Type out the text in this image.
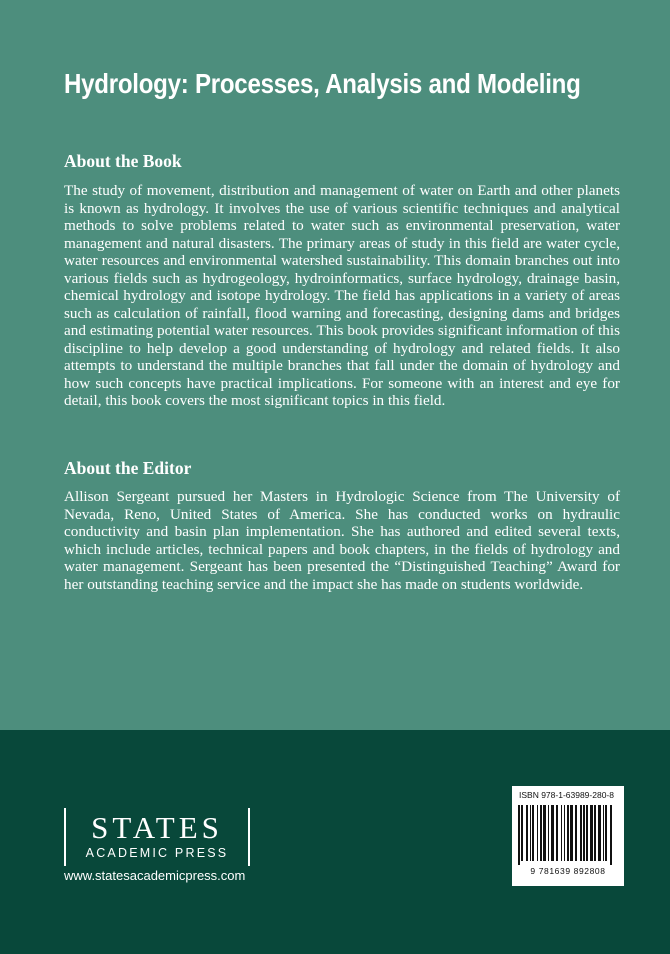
Hydrology: Processes, Analysis and Modeling
About the Book

The study of movement, distribution and management of water on Earth and other planets is known as hydrology. It involves the use of various scientific techniques and analytical methods to solve problems related to water such as environmental preservation, water management and natural disasters. The primary areas of study in this field are water cycle, water resources and environmental watershed sustainability. This domain branches out into various fields such as hydrogeology, hydroinformatics, surface hydrology, drainage basin, chemical hydrology and isotope hydrology. The field has applications in a variety of areas such as calculation of rainfall, flood warning and forecasting, designing dams and bridges and estimating potential water resources. This book provides significant information of this discipline to help develop a good understanding of hydrology and related fields. It also attempts to understand the multiple branches that fall under the domain of hydrology and how such concepts have practical implications. For someone with an interest and eye for detail, this book covers the most significant topics in this field.

About the Editor

Allison Sergeant pursued her Masters in Hydrologic Science from The University of Nevada, Reno, United States of America. She has conducted works on hydraulic conductivity and basin plan implementation. She has authored and edited several texts, which include articles, technical papers and book chapters, in the fields of hydrology and water management. Sergeant has been presented the “Distinguished Teaching” Award for her outstanding teaching service and the impact she has made on students worldwide.

STATES
ACADEMIC PRESS
www.statesacademicpress.com
ISBN 978-1-63989-280-8
9 781639 892808
